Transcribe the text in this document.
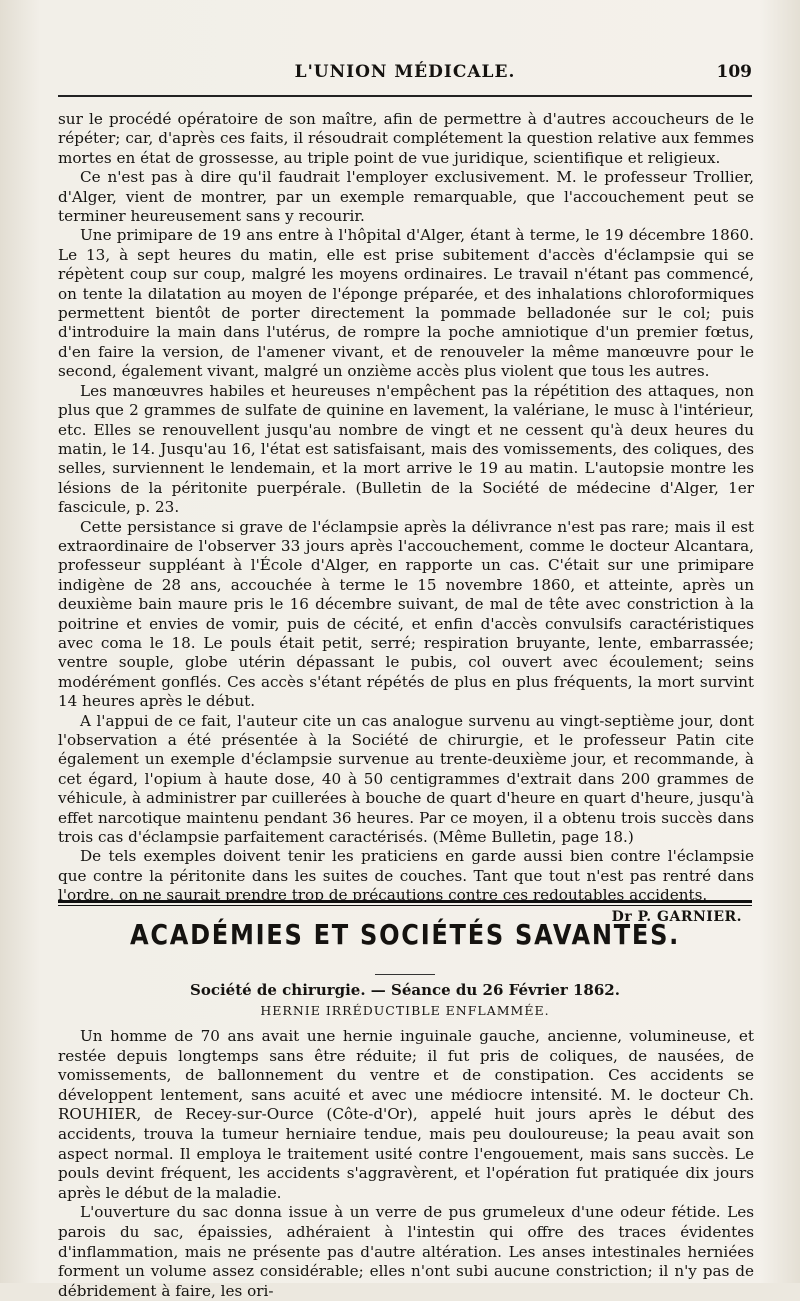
L'UNION MÉDICALE.	109

sur le procédé opératoire de son maître, afin de permettre à d'autres accoucheurs de le répéter; car, d'après ces faits, il résoudrait complétement la question relative aux femmes mortes en état de grossesse, au triple point de vue juridique, scientifique et religieux.

Ce n'est pas à dire qu'il faudrait l'employer exclusivement. M. le professeur Trollier, d'Alger, vient de montrer, par un exemple remarquable, que l'accouchement peut se terminer heureusement sans y recourir.

Une primipare de 19 ans entre à l'hôpital d'Alger, étant à terme, le 19 décembre 1860. Le 13, à sept heures du matin, elle est prise subitement d'accès d'éclampsie qui se répètent coup sur coup, malgré les moyens ordinaires. Le travail n'étant pas commencé, on tente la dilatation au moyen de l'éponge préparée, et des inhalations chloroformiques permettent bientôt de porter directement la pommade belladonée sur le col; puis d'introduire la main dans l'utérus, de rompre la poche amniotique d'un premier fœtus, d'en faire la version, de l'amener vivant, et de renouveler la même manœuvre pour le second, également vivant, malgré un onzième accès plus violent que tous les autres.

Les manœuvres habiles et heureuses n'empêchent pas la répétition des attaques, non plus que 2 grammes de sulfate de quinine en lavement, la valériane, le musc à l'intérieur, etc. Elles se renouvellent jusqu'au nombre de vingt et ne cessent qu'à deux heures du matin, le 14. Jusqu'au 16, l'état est satisfaisant, mais des vomissements, des coliques, des selles, surviennent le lendemain, et la mort arrive le 19 au matin. L'autopsie montre les lésions de la péritonite puerpérale. (Bulletin de la Société de médecine d'Alger, 1er fascicule, p. 23.

Cette persistance si grave de l'éclampsie après la délivrance n'est pas rare; mais il est extraordinaire de l'observer 33 jours après l'accouchement, comme le docteur Alcantara, professeur suppléant à l'École d'Alger, en rapporte un cas. C'était sur une primipare indigène de 28 ans, accouchée à terme le 15 novembre 1860, et atteinte, après un deuxième bain maure pris le 16 décembre suivant, de mal de tête avec constriction à la poitrine et envies de vomir, puis de cécité, et enfin d'accès convulsifs caractéristiques avec coma le 18. Le pouls était petit, serré; respiration bruyante, lente, embarrassée; ventre souple, globe utérin dépassant le pubis, col ouvert avec écoulement; seins modérément gonflés. Ces accès s'étant répétés de plus en plus fréquents, la mort survint 14 heures après le début.

A l'appui de ce fait, l'auteur cite un cas analogue survenu au vingt-septième jour, dont l'observation a été présentée à la Société de chirurgie, et le professeur Patin cite également un exemple d'éclampsie survenue au trente-deuxième jour, et recommande, à cet égard, l'opium à haute dose, 40 à 50 centigrammes d'extrait dans 200 grammes de véhicule, à administrer par cuillerées à bouche de quart d'heure en quart d'heure, jusqu'à effet narcotique maintenu pendant 36 heures. Par ce moyen, il a obtenu trois succès dans trois cas d'éclampsie parfaitement caractérisés. (Même Bulletin, page 18.)

De tels exemples doivent tenir les praticiens en garde aussi bien contre l'éclampsie que contre la péritonite dans les suites de couches. Tant que tout n'est pas rentré dans l'ordre, on ne saurait prendre trop de précautions contre ces redoutables accidents.

Dr P. GARNIER.
ACADÉMIES ET SOCIÉTÉS SAVANTES.
Société de chirurgie. — Séance du 26 Février 1862.
HERNIE IRRÉDUCTIBLE ENFLAMMÉE.

Un homme de 70 ans avait une hernie inguinale gauche, ancienne, volumineuse, et restée depuis longtemps sans être réduite; il fut pris de coliques, de nausées, de vomissements, de ballonnement du ventre et de constipation. Ces accidents se développent lentement, sans acuité et avec une médiocre intensité. M. le docteur Ch. ROUHIER, de Recey-sur-Ource (Côte-d'Or), appelé huit jours après le début des accidents, trouva la tumeur herniaire tendue, mais peu douloureuse; la peau avait son aspect normal. Il employa le traitement usité contre l'engouement, mais sans succès. Le pouls devint fréquent, les accidents s'aggravèrent, et l'opération fut pratiquée dix jours après le début de la maladie.

L'ouverture du sac donna issue à un verre de pus grumeleux d'une odeur fétide. Les parois du sac, épaissies, adhéraient à l'intestin qui offre des traces évidentes d'inflammation, mais ne présente pas d'autre altération. Les anses intestinales herniées forment un volume assez considérable; elles n'ont subi aucune constriction; il n'y pas de débridement à faire, les ori-
